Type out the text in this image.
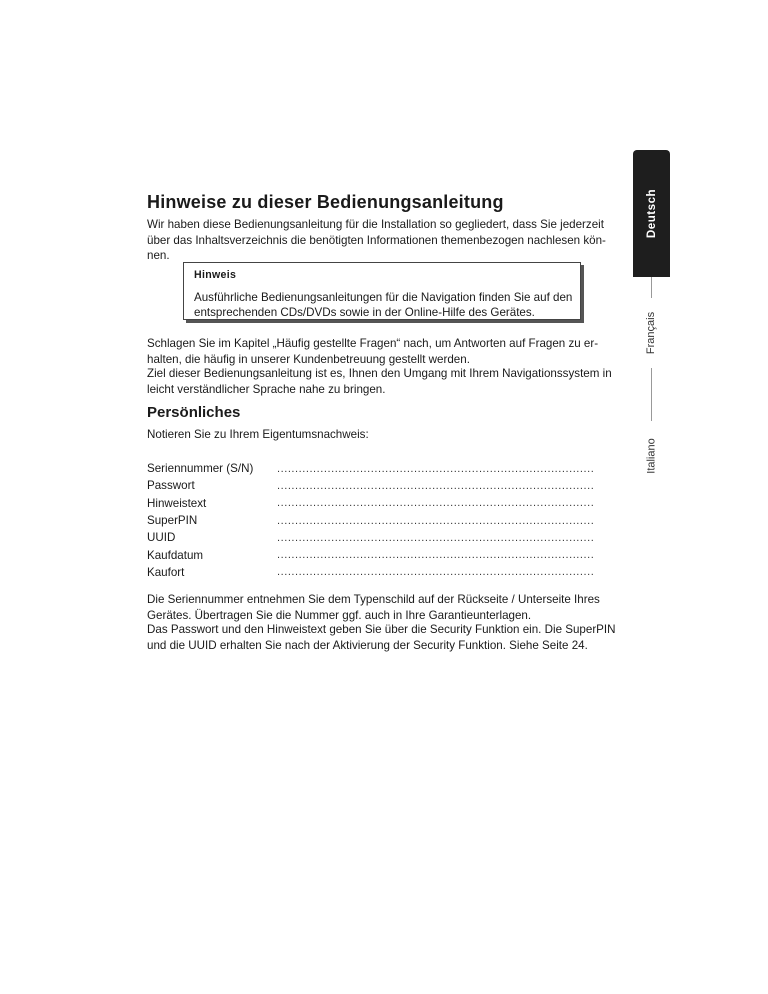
Hinweise zu dieser Bedienungsanleitung

Wir haben diese Bedienungsanleitung für die Installation so gegliedert, dass Sie jederzeit über das Inhaltsverzeichnis die benötigten Informationen themenbezogen nachlesen kön-nen.

Hinweis

Ausführliche Bedienungsanleitungen für die Navigation finden Sie auf den entsprechenden CDs/DVDs sowie in der Online-Hilfe des Gerätes.

Schlagen Sie im Kapitel „Häufig gestellte Fragen“ nach, um Antworten auf Fragen zu er-halten, die häufig in unserer Kundenbetreuung gestellt werden.

Ziel dieser Bedienungsanleitung ist es, Ihnen den Umgang mit Ihrem Navigationssystem in leicht verständlicher Sprache nahe zu bringen.

Persönliches

Notieren Sie zu Ihrem Eigentumsnachweis:

Seriennummer (S/N)	........................................................................................
Passwort	........................................................................................
Hinweistext	........................................................................................
SuperPIN	........................................................................................
UUID	........................................................................................
Kaufdatum	........................................................................................
Kaufort	........................................................................................

Die Seriennummer entnehmen Sie dem Typenschild auf der Rückseite / Unterseite Ihres Gerätes. Übertragen Sie die Nummer ggf. auch in Ihre Garantieunterlagen.

Das Passwort und den Hinweistext geben Sie über die Security Funktion ein. Die SuperPIN und die UUID erhalten Sie nach der Aktivierung der Security Funktion. Siehe Seite 24.

Deutsch
Français
Italiano
